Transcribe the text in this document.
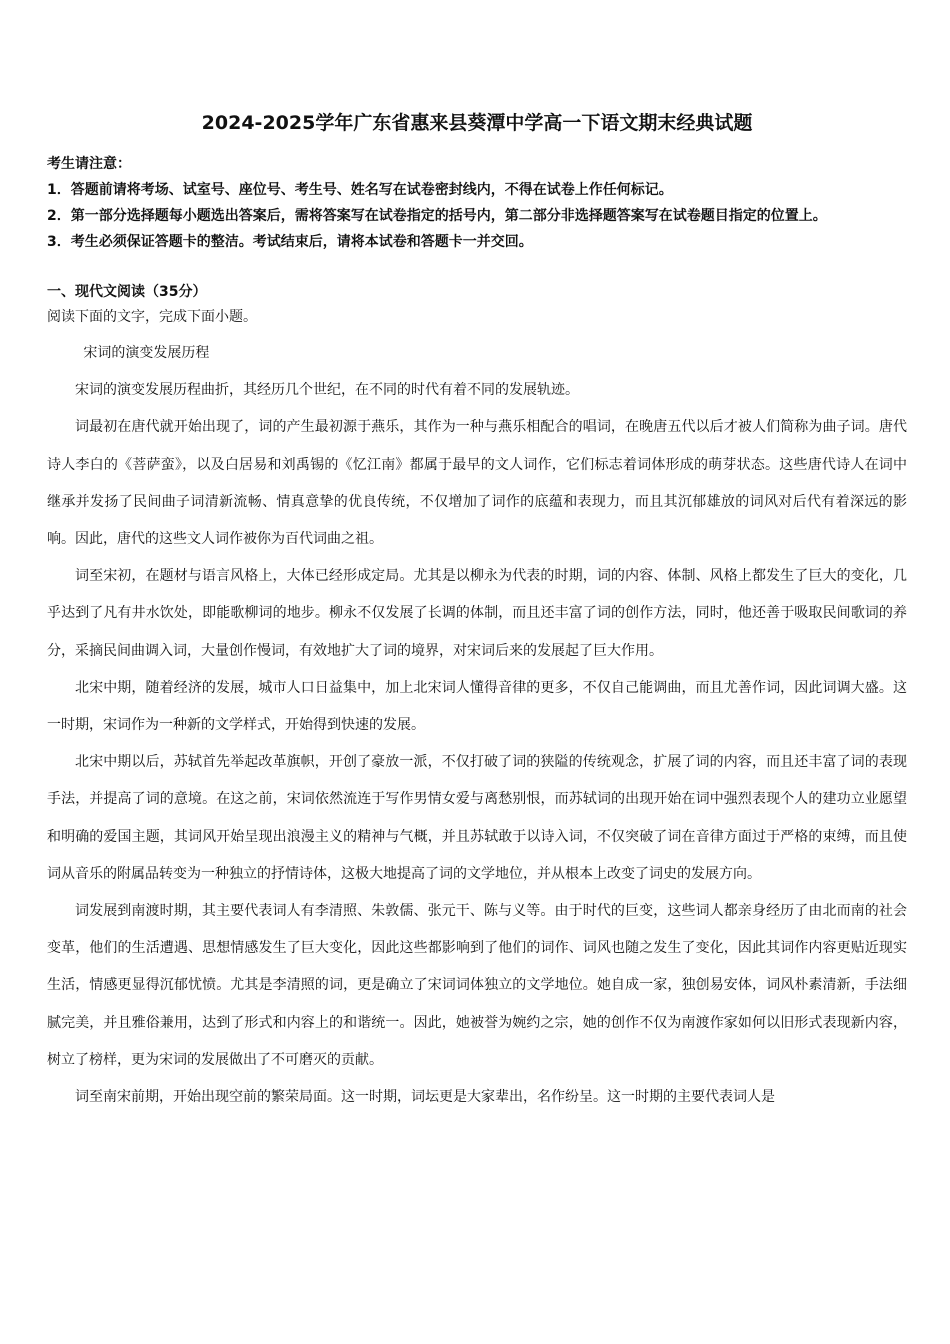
2024-2025学年广东省惠来县葵潭中学高一下语文期末经典试题

考生请注意：

1．答题前请将考场、试室号、座位号、考生号、姓名写在试卷密封线内，不得在试卷上作任何标记。

2．第一部分选择题每小题选出答案后，需将答案写在试卷指定的括号内，第二部分非选择题答案写在试卷题目指定的位置上。

3．考生必须保证答题卡的整洁。考试结束后，请将本试卷和答题卡一并交回。

一、现代文阅读（35分）

阅读下面的文字，完成下面小题。

宋词的演变发展历程

宋词的演变发展历程曲折，其经历几个世纪，在不同的时代有着不同的发展轨迹。

词最初在唐代就开始出现了，词的产生最初源于燕乐，其作为一种与燕乐相配合的唱词，在晚唐五代以后才被人们简称为曲子词。唐代诗人李白的《菩萨蛮》，以及白居易和刘禹锡的《忆江南》都属于最早的文人词作，它们标志着词体形成的萌芽状态。这些唐代诗人在词中继承并发扬了民间曲子词清新流畅、情真意挚的优良传统，不仅增加了词作的底蕴和表现力，而且其沉郁雄放的词风对后代有着深远的影响。因此，唐代的这些文人词作被你为百代词曲之祖。

词至宋初，在题材与语言风格上，大体已经形成定局。尤其是以柳永为代表的时期，词的内容、体制、风格上都发生了巨大的变化，几乎达到了凡有井水饮处，即能歌柳词的地步。柳永不仅发展了长调的体制，而且还丰富了词的创作方法，同时，他还善于吸取民间歌词的养分，采摘民间曲调入词，大量创作慢词，有效地扩大了词的境界，对宋词后来的发展起了巨大作用。

北宋中期，随着经济的发展，城市人口日益集中，加上北宋词人懂得音律的更多，不仅自己能调曲，而且尤善作词，因此词调大盛。这一时期，宋词作为一种新的文学样式，开始得到快速的发展。

北宋中期以后，苏轼首先举起改革旗帜，开创了豪放一派，不仅打破了词的狭隘的传统观念，扩展了词的内容，而且还丰富了词的表现手法，并提高了词的意境。在这之前，宋词依然流连于写作男情女爱与离愁别恨，而苏轼词的出现开始在词中强烈表现个人的建功立业愿望和明确的爱国主题，其词风开始呈现出浪漫主义的精神与气概，并且苏轼敢于以诗入词，不仅突破了词在音律方面过于严格的束缚，而且使词从音乐的附属品转变为一种独立的抒情诗体，这极大地提高了词的文学地位，并从根本上改变了词史的发展方向。

词发展到南渡时期，其主要代表词人有李清照、朱敦儒、张元干、陈与义等。由于时代的巨变，这些词人都亲身经历了由北而南的社会变革，他们的生活遭遇、思想情感发生了巨大变化，因此这些都影响到了他们的词作、词风也随之发生了变化，因此其词作内容更贴近现实生活，情感更显得沉郁忧愤。尤其是李清照的词，更是确立了宋词词体独立的文学地位。她自成一家，独创易安体，词风朴素清新，手法细腻完美，并且雅俗兼用，达到了形式和内容上的和谐统一。因此，她被誉为婉约之宗，她的创作不仅为南渡作家如何以旧形式表现新内容，树立了榜样，更为宋词的发展做出了不可磨灭的贡献。

词至南宋前期，开始出现空前的繁荣局面。这一时期，词坛更是大家辈出，名作纷呈。这一时期的主要代表词人是
